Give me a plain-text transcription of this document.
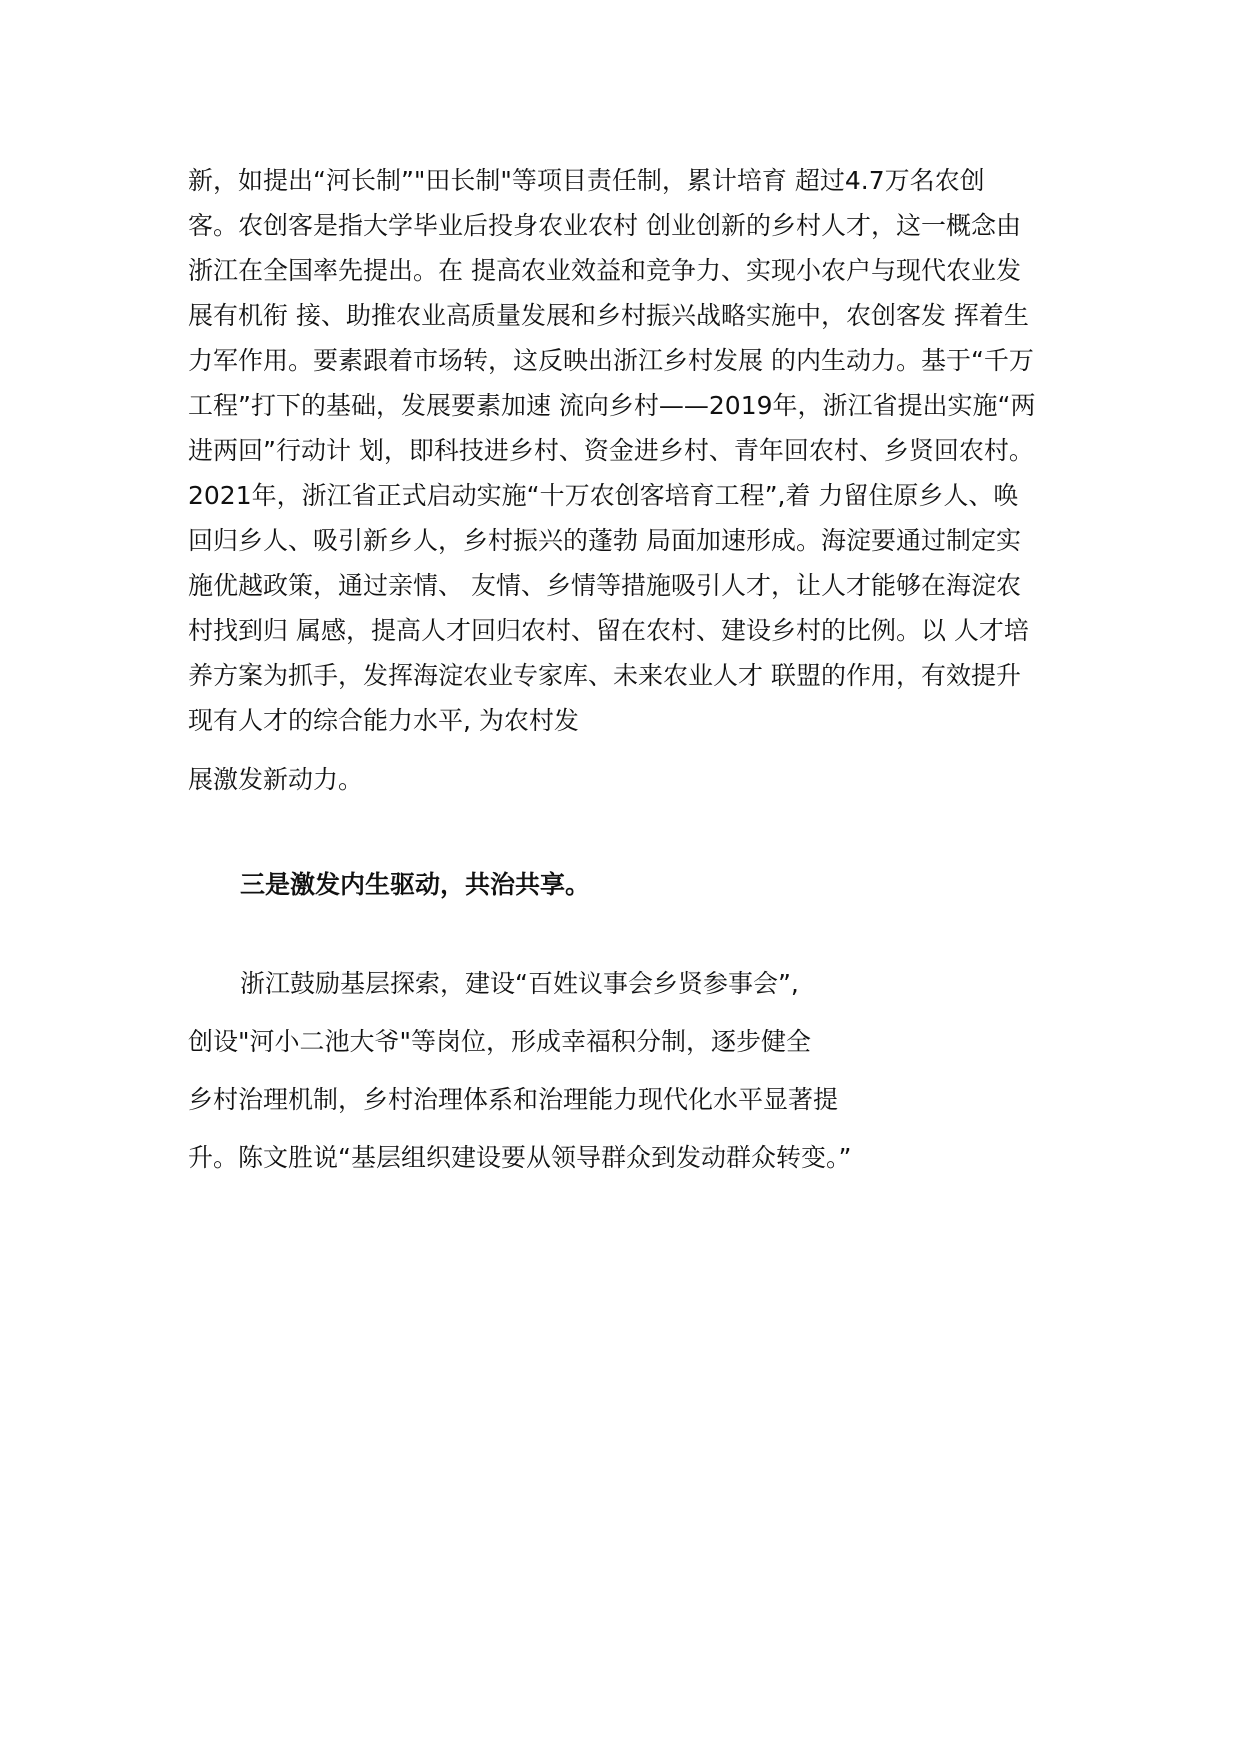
新，如提出“河长制”"田长制"等项目责任制，累计培育 超过4.7万名农创
客。农创客是指大学毕业后投身农业农村 创业创新的乡村人才，这一概念由
浙江在全国率先提出。在 提高农业效益和竞争力、实现小农户与现代农业发
展有机衔 接、助推农业高质量发展和乡村振兴战略实施中，农创客发 挥着生
力军作用。要素跟着市场转，这反映出浙江乡村发展 的内生动力。基于“千万
工程”打下的基础，发展要素加速 流向乡村——2019年，浙江省提出实施“两
进两回”行动计 划，即科技进乡村、资金进乡村、青年回农村、乡贤回农村。
2021年，浙江省正式启动实施“十万农创客培育工程”,着 力留住原乡人、唤
回归乡人、吸引新乡人，乡村振兴的蓬勃 局面加速形成。海淀要通过制定实
施优越政策，通过亲情、 友情、乡情等措施吸引人才，让人才能够在海淀农
村找到归 属感，提高人才回归农村、留在农村、建设乡村的比例。以 人才培
养方案为抓手，发挥海淀农业专家库、未来农业人才 联盟的作用，有效提升
现有人才的综合能力水平, 为农村发

展激发新动力。

三是激发内生驱动，共治共享。

浙江鼓励基层探索，建设“百姓议事会乡贤参事会”,
创设"河小二池大爷"等岗位，形成幸福积分制，逐步健全
乡村治理机制，乡村治理体系和治理能力现代化水平显著提
升。陈文胜说“基层组织建设要从领导群众到发动群众转变。”
